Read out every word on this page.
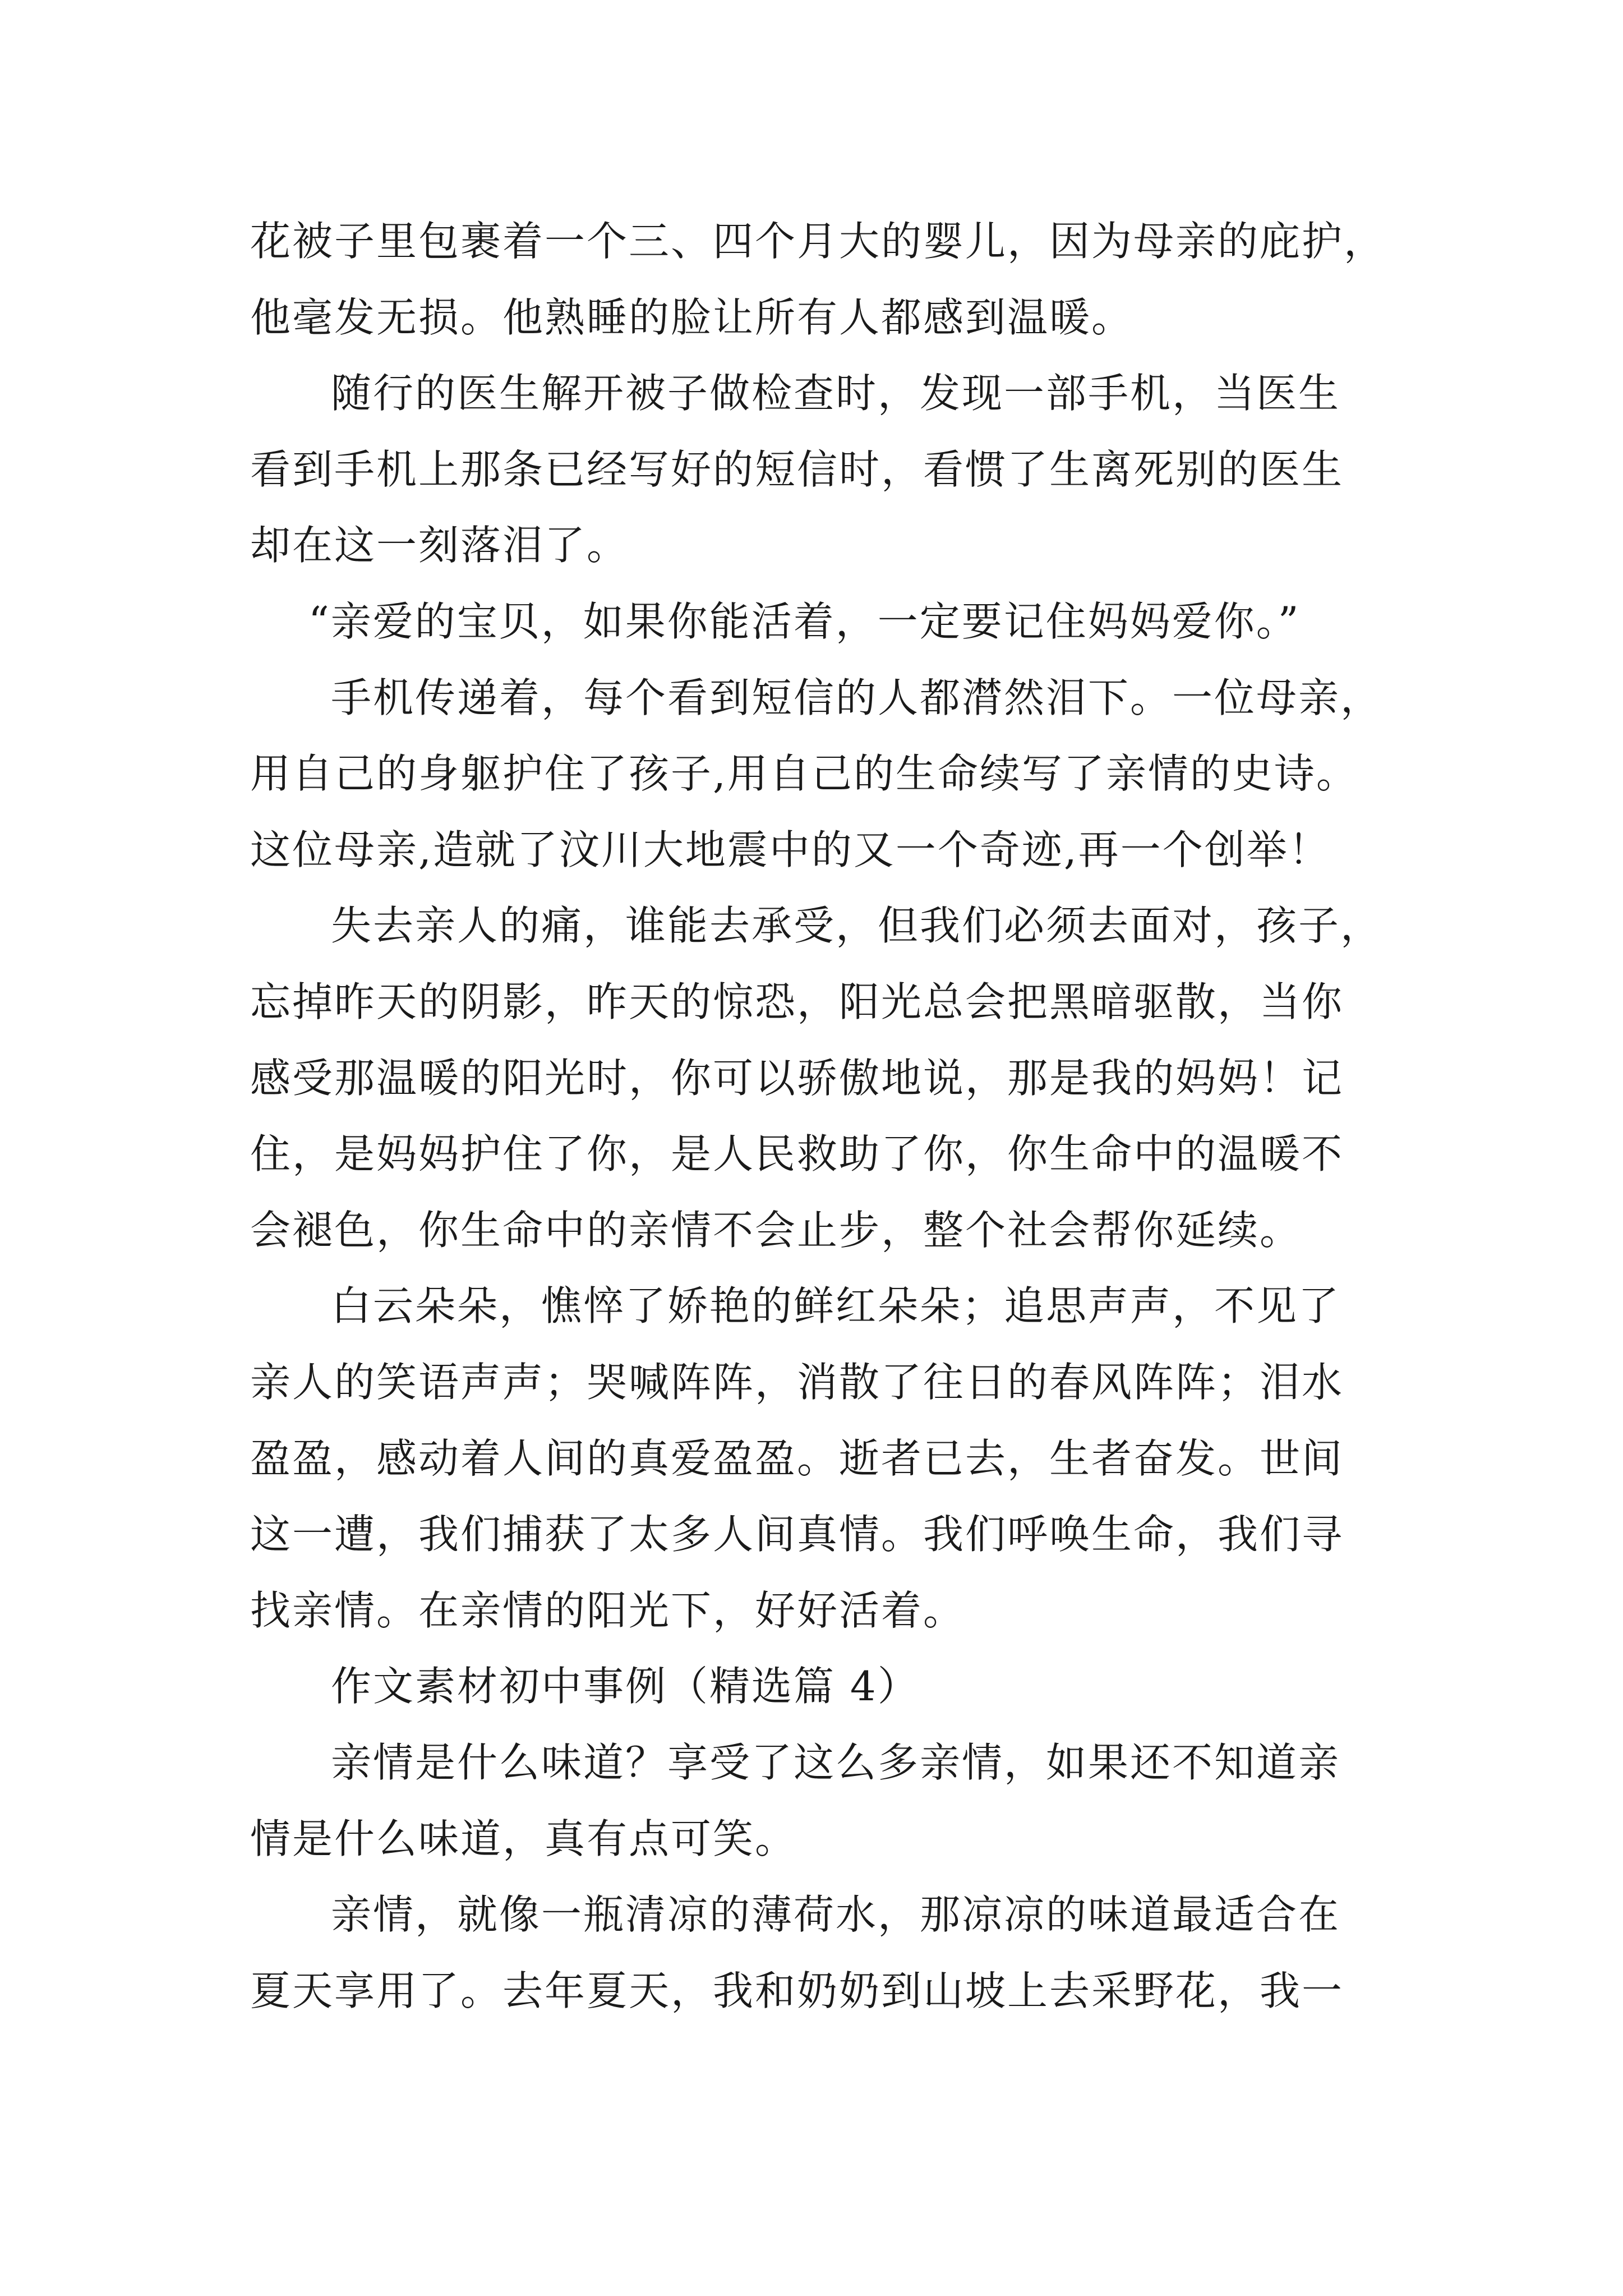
花被子里包裹着一个三、四个月大的婴儿，因为母亲的庇护，
他毫发无损。他熟睡的脸让所有人都感到温暖。
随行的医生解开被子做检查时，发现一部手机，当医生
看到手机上那条已经写好的短信时，看惯了生离死别的医生
却在这一刻落泪了。
“亲爱的宝贝，如果你能活着，一定要记住妈妈爱你。”
手机传递着，每个看到短信的人都潸然泪下。一位母亲，
用自己的身躯护住了孩子,用自己的生命续写了亲情的史诗。
这位母亲,造就了汶川大地震中的又一个奇迹,再一个创举！
失去亲人的痛，谁能去承受，但我们必须去面对，孩子，
忘掉昨天的阴影，昨天的惊恐，阳光总会把黑暗驱散，当你
感受那温暖的阳光时，你可以骄傲地说，那是我的妈妈！记
住，是妈妈护住了你，是人民救助了你，你生命中的温暖不
会褪色，你生命中的亲情不会止步，整个社会帮你延续。
白云朵朵，憔悴了娇艳的鲜红朵朵；追思声声，不见了
亲人的笑语声声；哭喊阵阵，消散了往日的春风阵阵；泪水
盈盈，感动着人间的真爱盈盈。逝者已去，生者奋发。世间
这一遭，我们捕获了太多人间真情。我们呼唤生命，我们寻
找亲情。在亲情的阳光下，好好活着。
作文素材初中事例（精选篇 4）
亲情是什么味道？享受了这么多亲情，如果还不知道亲
情是什么味道，真有点可笑。
亲情，就像一瓶清凉的薄荷水，那凉凉的味道最适合在
夏天享用了。去年夏天，我和奶奶到山坡上去采野花，我一
